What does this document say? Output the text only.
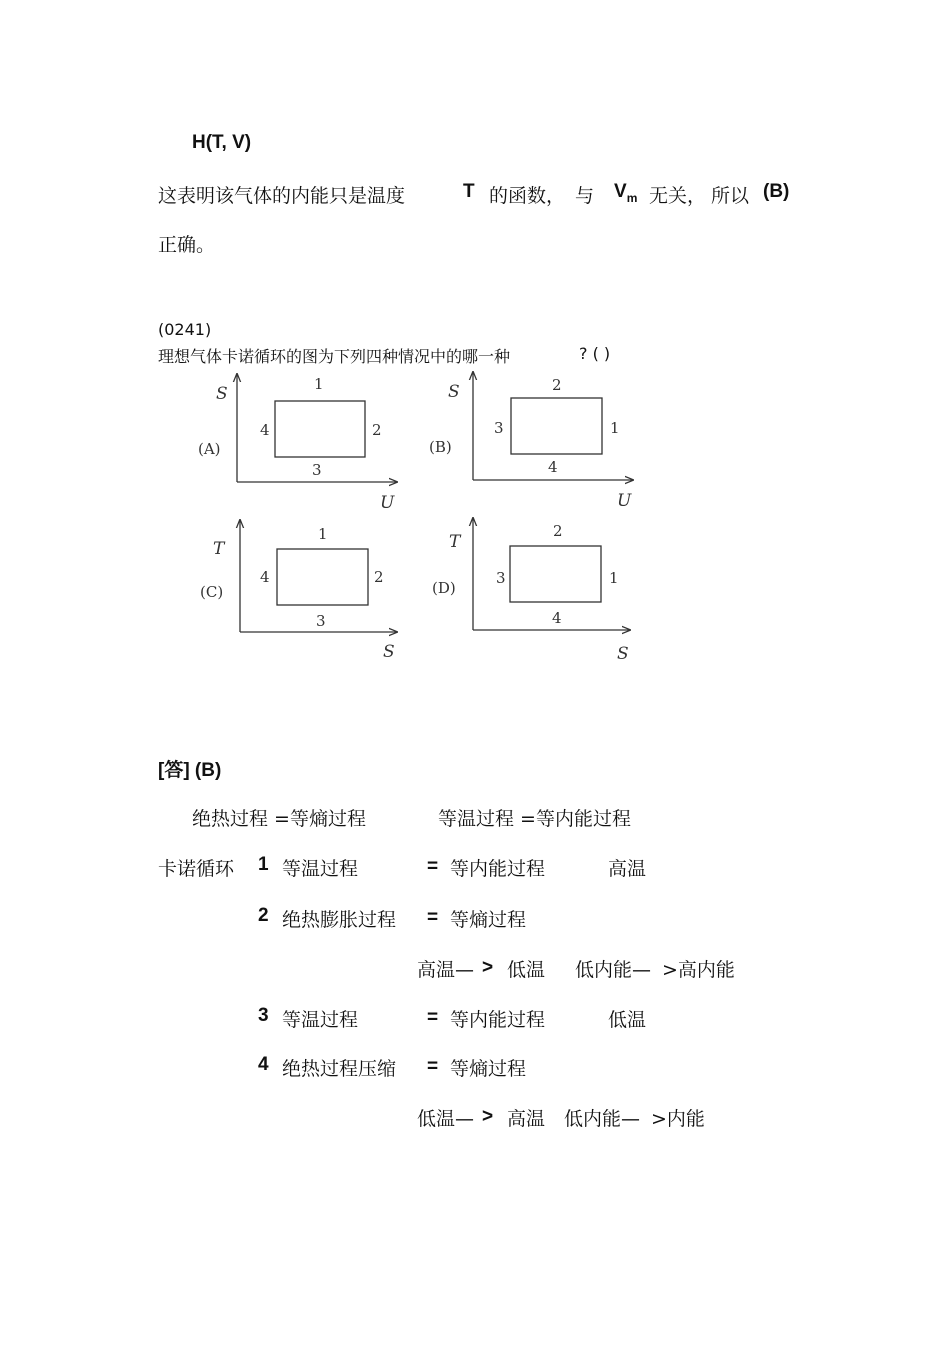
H(T, V)
这表明该气体的内能只是温度	T 的函数， 与 $V_m$ 无关， 所以 (B)
正确。
(0241)
理想气体卡诺循环的图为下列四种情况中的哪一种	? ( )
S
U
(A)
1
2
3
4
S
U
(B)
2
1
4
3
T
S
(C)
1
2
3
4
T
S
(D)
2
1
4
3
[答] (B)
绝热过程 =等熵过程	等温过程 =等内能过程
卡诺循环 1 等温过程	= 等内能过程	高温
2 绝热膨胀过程 = 等熵过程
高温— > 低温 低内能— >高内能
3 等温过程	= 等内能过程	低温
4 绝热过程压缩 = 等熵过程
低温— > 高温 低内能— >内能
